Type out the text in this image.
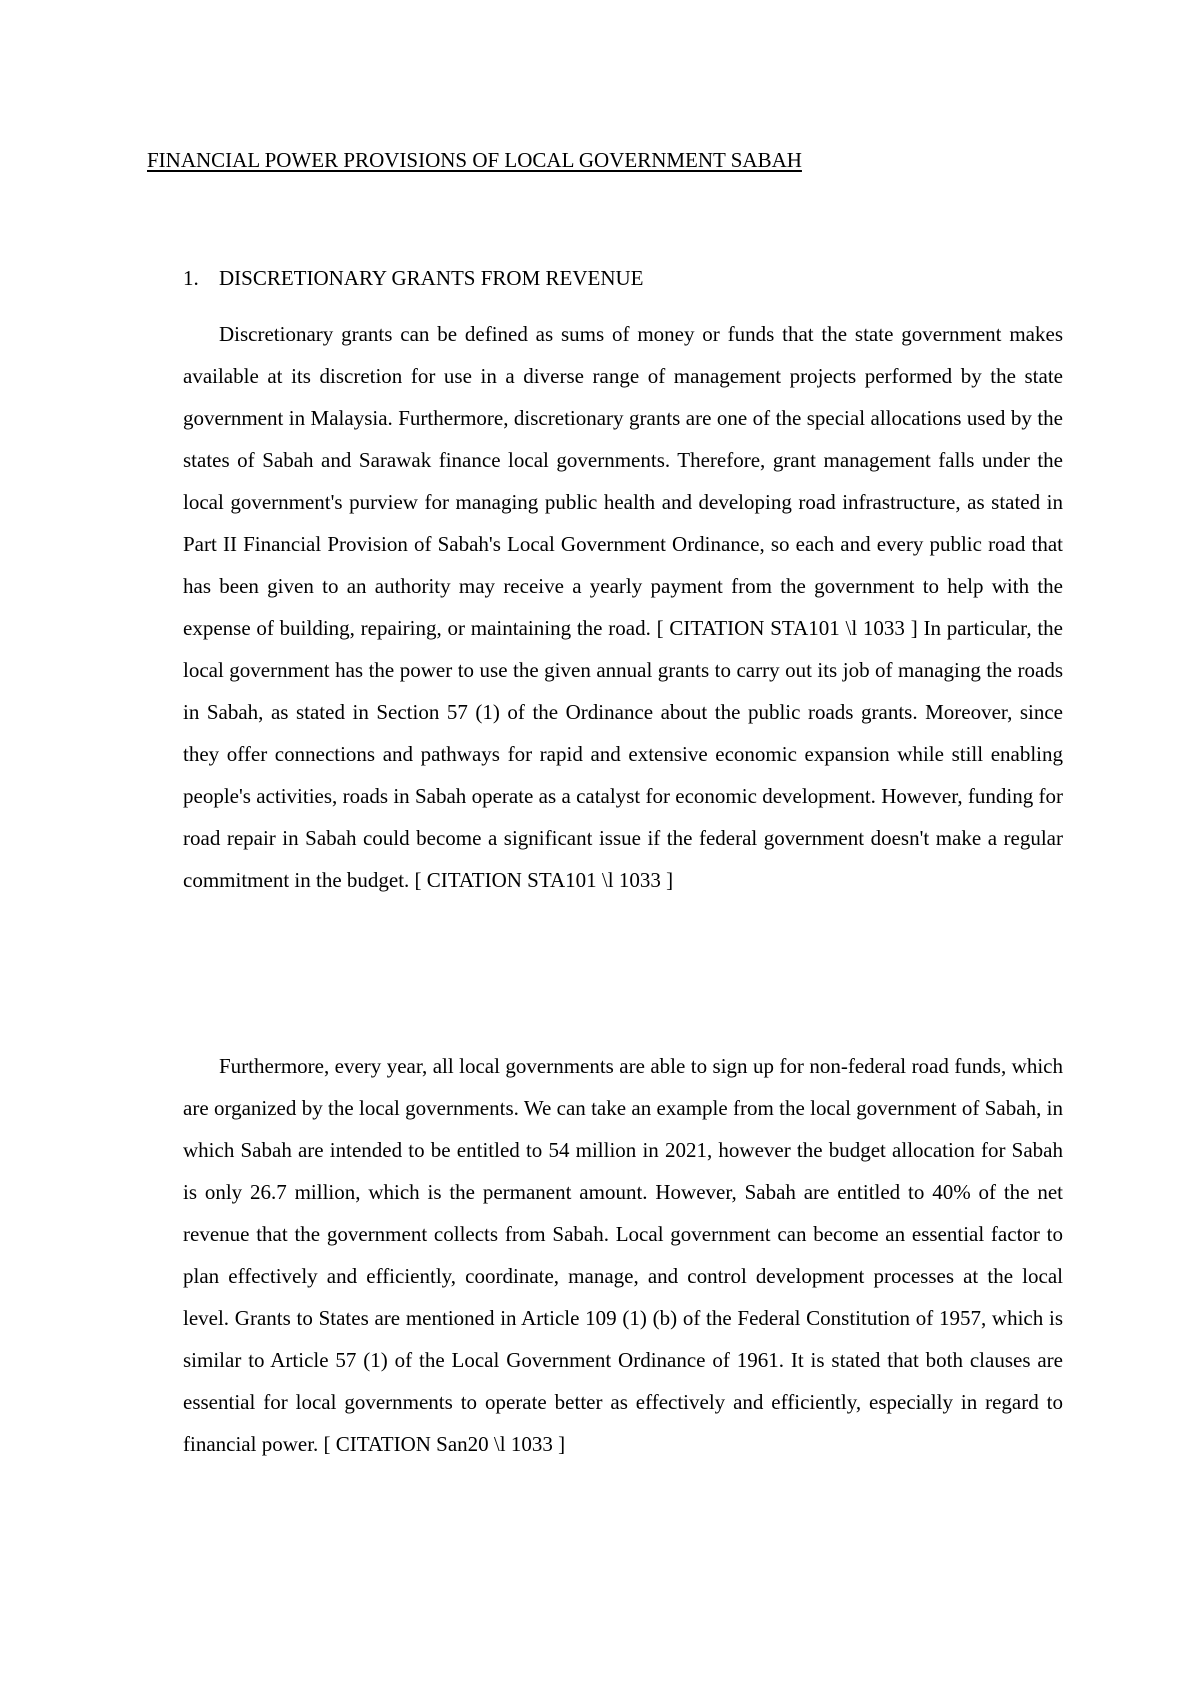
FINANCIAL POWER PROVISIONS OF LOCAL GOVERNMENT SABAH
1. DISCRETIONARY GRANTS FROM REVENUE

Discretionary grants can be defined as sums of money or funds that the state government makes available at its discretion for use in a diverse range of management projects performed by the state government in Malaysia. Furthermore, discretionary grants are one of the special allocations used by the states of Sabah and Sarawak finance local governments. Therefore, grant management falls under the local government's purview for managing public health and developing road infrastructure, as stated in Part II Financial Provision of Sabah's Local Government Ordinance, so each and every public road that has been given to an authority may receive a yearly payment from the government to help with the expense of building, repairing, or maintaining the road. [ CITATION STA101 \l 1033 ] In particular, the local government has the power to use the given annual grants to carry out its job of managing the roads in Sabah, as stated in Section 57 (1) of the Ordinance about the public roads grants. Moreover, since they offer connections and pathways for rapid and extensive economic expansion while still enabling people's activities, roads in Sabah operate as a catalyst for economic development. However, funding for road repair in Sabah could become a significant issue if the federal government doesn't make a regular commitment in the budget. [ CITATION STA101 \l 1033 ]

Furthermore, every year, all local governments are able to sign up for non-federal road funds, which are organized by the local governments. We can take an example from the local government of Sabah, in which Sabah are intended to be entitled to 54 million in 2021, however the budget allocation for Sabah is only 26.7 million, which is the permanent amount. However, Sabah are entitled to 40% of the net revenue that the government collects from Sabah. Local government can become an essential factor to plan effectively and efficiently, coordinate, manage, and control development processes at the local level. Grants to States are mentioned in Article 109 (1) (b) of the Federal Constitution of 1957, which is similar to Article 57 (1) of the Local Government Ordinance of 1961. It is stated that both clauses are essential for local governments to operate better as effectively and efficiently, especially in regard to financial power. [ CITATION San20 \l 1033 ]
